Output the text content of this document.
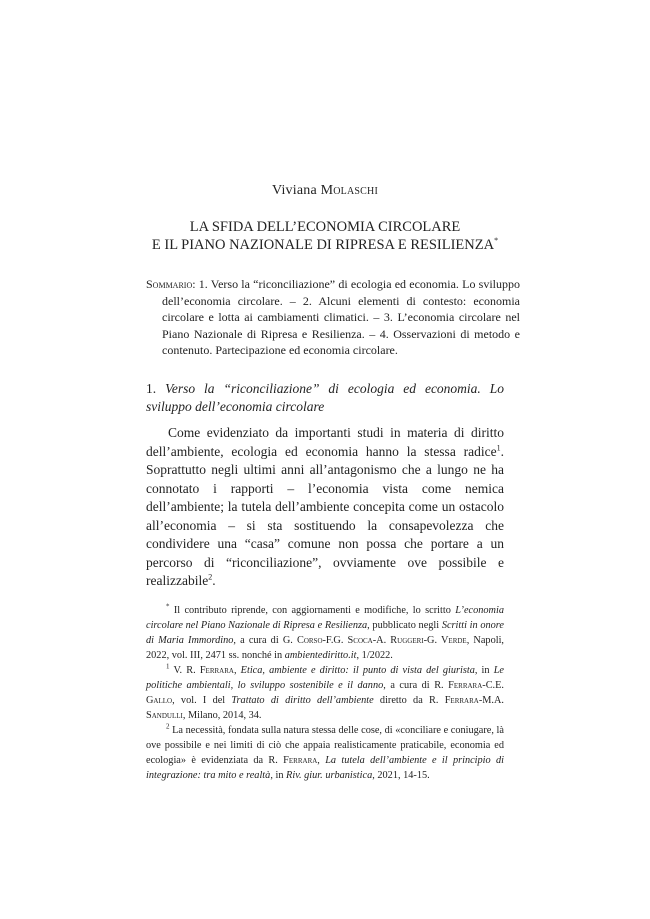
Viviana Molaschi
LA SFIDA DELL’ECONOMIA CIRCOLARE
E IL PIANO NAZIONALE DI RIPRESA E RESILIENZA*
Sommario: 1. Verso la “riconciliazione” di ecologia ed economia. Lo sviluppo dell’economia circolare. – 2. Alcuni elementi di contesto: economia circolare e lotta ai cambiamenti climatici. – 3. L’economia circolare nel Piano Nazionale di Ripresa e Resilienza. – 4. Osservazioni di metodo e contenuto. Partecipazione ed economia circolare.
1. Verso la “riconciliazione” di ecologia ed economia. Lo sviluppo dell’economia circolare
Come evidenziato da importanti studi in materia di diritto dell’ambiente, ecologia ed economia hanno la stessa radice$^1$. Soprattutto negli ultimi anni all’antagonismo che a lungo ne ha connotato i rapporti – l’economia vista come nemica dell’ambiente; la tutela dell’ambiente concepita come un ostacolo all’economia – si sta sostituendo la consapevolezza che condividere una “casa” comune non possa che portare a un percorso di “riconciliazione”, ovviamente ove possibile e realizzabile$^2$.

* Il contributo riprende, con aggiornamenti e modifiche, lo scritto L’economia circolare nel Piano Nazionale di Ripresa e Resilienza, pubblicato negli Scritti in onore di Maria Immordino, a cura di G. Corso-F.G. Scoca-A. Ruggeri-G. Verde, Napoli, 2022, vol. III, 2471 ss. nonché in ambientediritto.it, 1/2022.

$^1$ V. R. Ferrara, Etica, ambiente e diritto: il punto di vista del giurista, in Le politiche ambientali, lo sviluppo sostenibile e il danno, a cura di R. Ferrara-C.E. Gallo, vol. I del Trattato di diritto dell’ambiente diretto da R. Ferrara-M.A. Sandulli, Milano, 2014, 34.

$^2$ La necessità, fondata sulla natura stessa delle cose, di «conciliare e coniugare, là ove possibile e nei limiti di ciò che appaia realisticamente praticabile, economia ed ecologia» è evidenziata da R. Ferrara, La tutela dell’ambiente e il principio di integrazione: tra mito e realtà, in Riv. giur. urbanistica, 2021, 14-15.
